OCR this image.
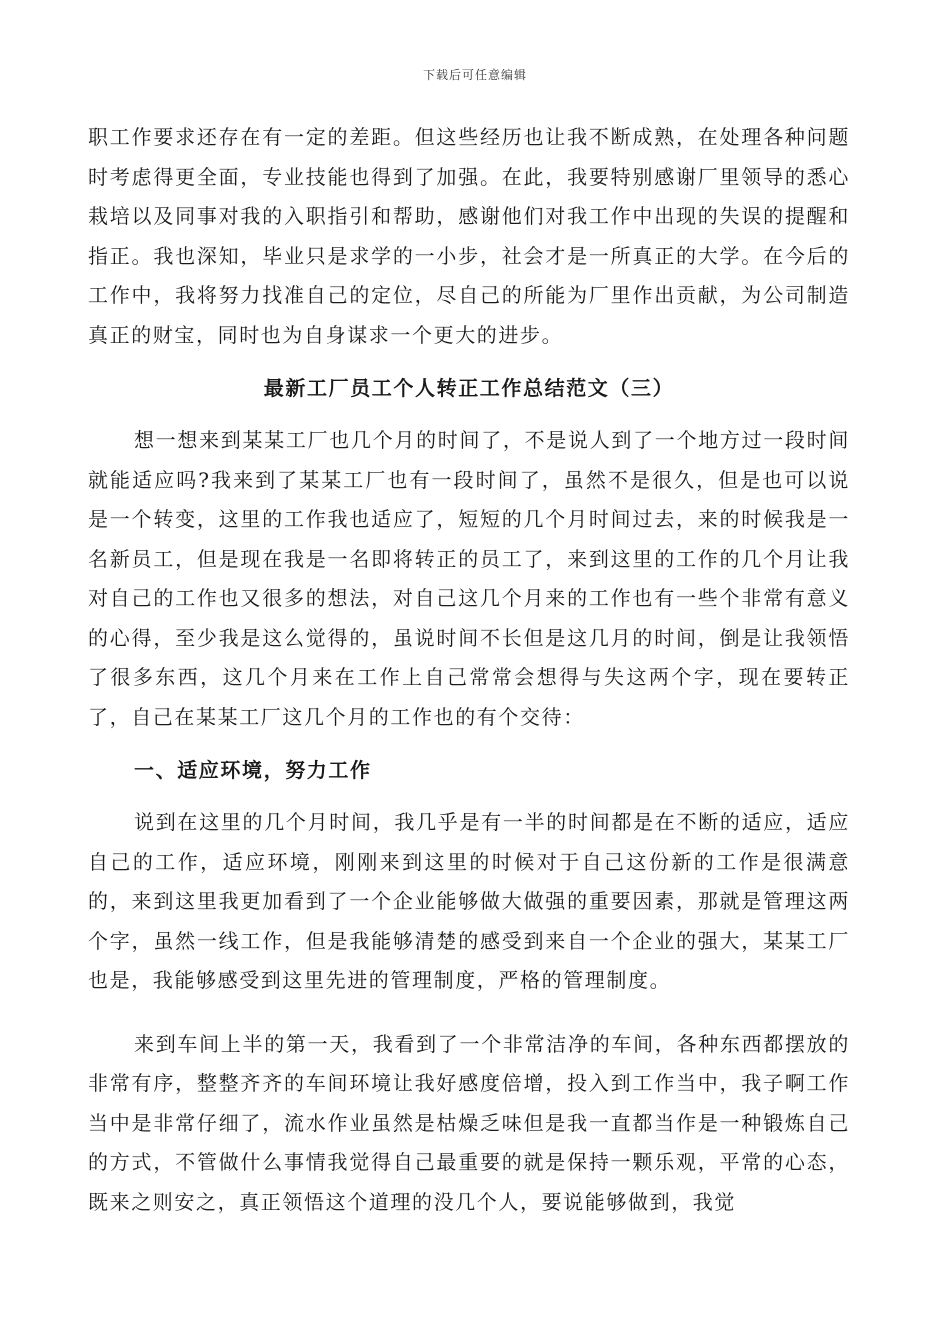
下载后可任意编辑

职工作要求还存在有一定的差距。但这些经历也让我不断成熟，在处理各种问题时考虑得更全面，专业技能也得到了加强。在此，我要特别感谢厂里领导的悉心栽培以及同事对我的入职指引和帮助，感谢他们对我工作中出现的失误的提醒和指正。我也深知，毕业只是求学的一小步，社会才是一所真正的大学。在今后的工作中，我将努力找准自己的定位，尽自己的所能为厂里作出贡献，为公司制造真正的财宝，同时也为自身谋求一个更大的进步。

最新工厂员工个人转正工作总结范文（三）

想一想来到某某工厂也几个月的时间了，不是说人到了一个地方过一段时间就能适应吗?我来到了某某工厂也有一段时间了，虽然不是很久，但是也可以说是一个转变，这里的工作我也适应了，短短的几个月时间过去，来的时候我是一名新员工，但是现在我是一名即将转正的员工了，来到这里的工作的几个月让我对自己的工作也又很多的想法，对自己这几个月来的工作也有一些个非常有意义的心得，至少我是这么觉得的，虽说时间不长但是这几月的时间，倒是让我领悟了很多东西，这几个月来在工作上自己常常会想得与失这两个字，现在要转正了，自己在某某工厂这几个月的工作也的有个交待：

一、适应环境，努力工作

说到在这里的几个月时间，我几乎是有一半的时间都是在不断的适应，适应自己的工作，适应环境，刚刚来到这里的时候对于自己这份新的工作是很满意的，来到这里我更加看到了一个企业能够做大做强的重要因素，那就是管理这两个字，虽然一线工作，但是我能够清楚的感受到来自一个企业的强大，某某工厂也是，我能够感受到这里先进的管理制度，严格的管理制度。

来到车间上半的第一天，我看到了一个非常洁净的车间，各种东西都摆放的非常有序，整整齐齐的车间环境让我好感度倍增，投入到工作当中，我子啊工作当中是非常仔细了，流水作业虽然是枯燥乏味但是我一直都当作是一种锻炼自己的方式，不管做什么事情我觉得自己最重要的就是保持一颗乐观，平常的心态，既来之则安之，真正领悟这个道理的没几个人，要说能够做到，我觉
